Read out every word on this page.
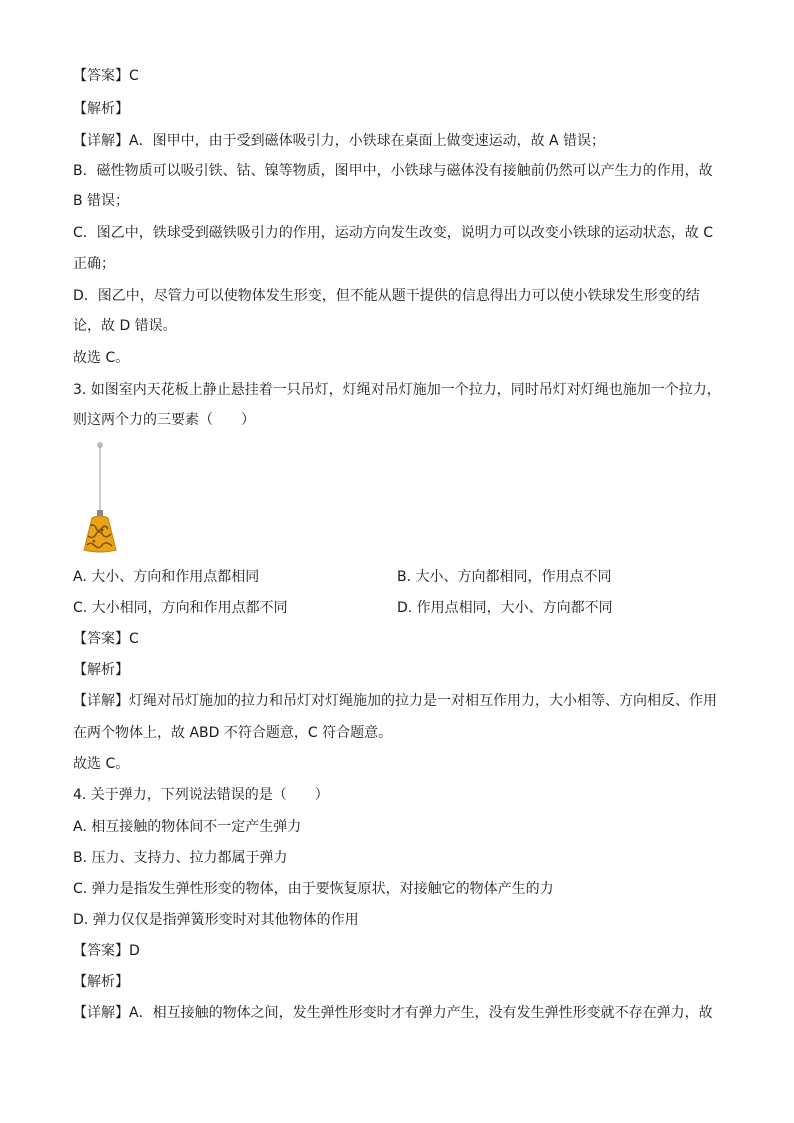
【答案】C
【解析】
【详解】A．图甲中，由于受到磁体吸引力，小铁球在桌面上做变速运动，故 A 错误；
B．磁性物质可以吸引铁、钴、镍等物质，图甲中，小铁球与磁体没有接触前仍然可以产生力的作用，故
B 错误；
C．图乙中，铁球受到磁铁吸引力的作用，运动方向发生改变，说明力可以改变小铁球的运动状态，故 C
正确；
D．图乙中，尽管力可以使物体发生形变，但不能从题干提供的信息得出力可以使小铁球发生形变的结
论，故 D 错误。
故选 C。
3. 如图室内天花板上静止悬挂着一只吊灯，灯绳对吊灯施加一个拉力，同时吊灯对灯绳也施加一个拉力，
则这两个力的三要素（　　）
A. 大小、方向和作用点都相同	B. 大小、方向都相同，作用点不同
C. 大小相同，方向和作用点都不同	D. 作用点相同，大小、方向都不同
【答案】C
【解析】
【详解】灯绳对吊灯施加的拉力和吊灯对灯绳施加的拉力是一对相互作用力，大小相等、方向相反、作用
在两个物体上，故 ABD 不符合题意，C 符合题意。
故选 C。
4. 关于弹力，下列说法错误的是（　　）
A. 相互接触的物体间不一定产生弹力
B. 压力、支持力、拉力都属于弹力
C. 弹力是指发生弹性形变的物体，由于要恢复原状，对接触它的物体产生的力
D. 弹力仅仅是指弹簧形变时对其他物体的作用
【答案】D
【解析】
【详解】A．相互接触的物体之间，发生弹性形变时才有弹力产生，没有发生弹性形变就不存在弹力，故
